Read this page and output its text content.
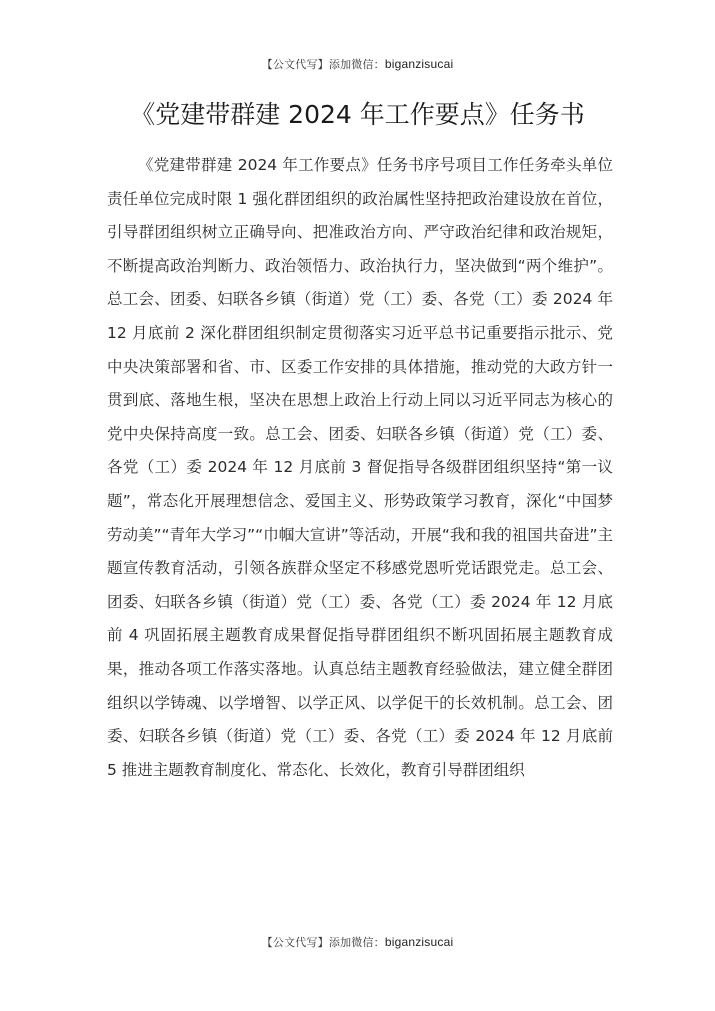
【公文代写】添加微信：biganzisucai
《党建带群建 2024 年工作要点》任务书

《党建带群建 2024 年工作要点》任务书序号项目工作任务牵头单位责任单位完成时限 1 强化群团组织的政治属性坚持把政治建设放在首位，引导群团组织树立正确导向、把准政治方向、严守政治纪律和政治规矩，不断提高政治判断力、政治领悟力、政治执行力，坚决做到“两个维护”。总工会、团委、妇联各乡镇（街道）党（工）委、各党（工）委 2024 年 12 月底前 2 深化群团组织制定贯彻落实习近平总书记重要指示批示、党中央决策部署和省、市、区委工作安排的具体措施，推动党的大政方针一贯到底、落地生根，坚决在思想上政治上行动上同以习近平同志为核心的党中央保持高度一致。总工会、团委、妇联各乡镇（街道）党（工）委、各党（工）委 2024 年 12 月底前 3 督促指导各级群团组织坚持“第一议题”，常态化开展理想信念、爱国主义、形势政策学习教育，深化“中国梦劳动美”“青年大学习”“巾帼大宣讲”等活动，开展“我和我的祖国共奋进”主题宣传教育活动，引领各族群众坚定不移感党恩听党话跟党走。总工会、团委、妇联各乡镇（街道）党（工）委、各党（工）委 2024 年 12 月底前 4 巩固拓展主题教育成果督促指导群团组织不断巩固拓展主题教育成果，推动各项工作落实落地。认真总结主题教育经验做法，建立健全群团组织以学铸魂、以学增智、以学正风、以学促干的长效机制。总工会、团委、妇联各乡镇（街道）党（工）委、各党（工）委 2024 年 12 月底前 5 推进主题教育制度化、常态化、长效化，教育引导群团组织

【公文代写】添加微信：biganzisucai
